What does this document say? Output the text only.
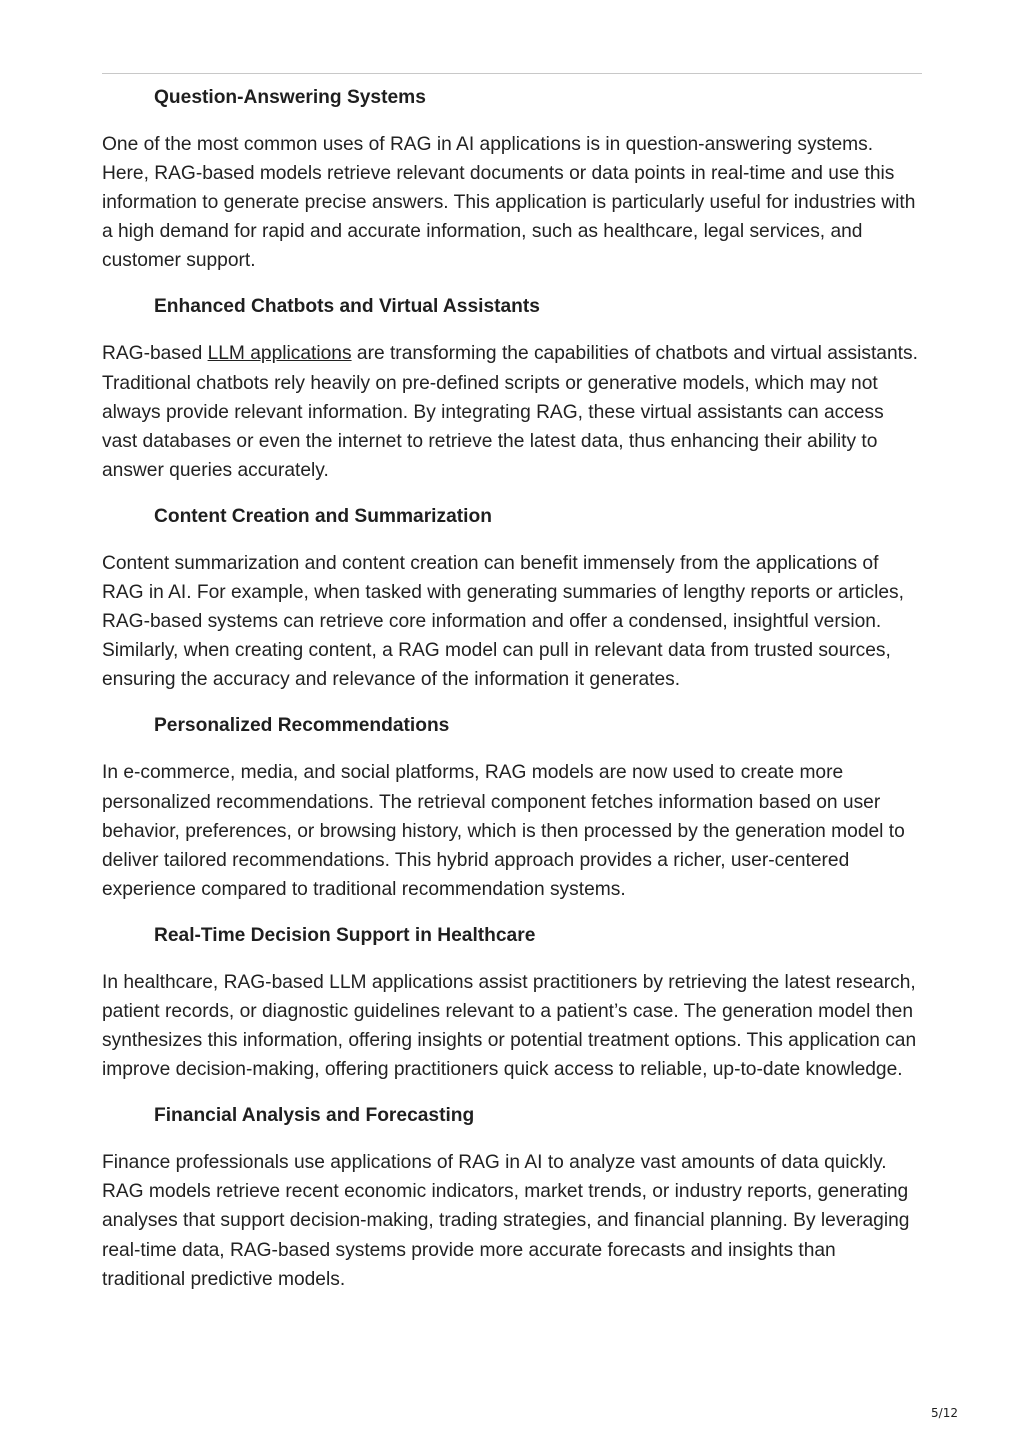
Question-Answering Systems

One of the most common uses of RAG in AI applications is in question-answering systems. Here, RAG-based models retrieve relevant documents or data points in real-time and use this information to generate precise answers. This application is particularly useful for industries with a high demand for rapid and accurate information, such as healthcare, legal services, and customer support.

Enhanced Chatbots and Virtual Assistants

RAG-based LLM applications are transforming the capabilities of chatbots and virtual assistants. Traditional chatbots rely heavily on pre-defined scripts or generative models, which may not always provide relevant information. By integrating RAG, these virtual assistants can access vast databases or even the internet to retrieve the latest data, thus enhancing their ability to answer queries accurately.

Content Creation and Summarization

Content summarization and content creation can benefit immensely from the applications of RAG in AI. For example, when tasked with generating summaries of lengthy reports or articles, RAG-based systems can retrieve core information and offer a condensed, insightful version. Similarly, when creating content, a RAG model can pull in relevant data from trusted sources, ensuring the accuracy and relevance of the information it generates.

Personalized Recommendations

In e-commerce, media, and social platforms, RAG models are now used to create more personalized recommendations. The retrieval component fetches information based on user behavior, preferences, or browsing history, which is then processed by the generation model to deliver tailored recommendations. This hybrid approach provides a richer, user-centered experience compared to traditional recommendation systems.

Real-Time Decision Support in Healthcare

In healthcare, RAG-based LLM applications assist practitioners by retrieving the latest research, patient records, or diagnostic guidelines relevant to a patient’s case. The generation model then synthesizes this information, offering insights or potential treatment options. This application can improve decision-making, offering practitioners quick access to reliable, up-to-date knowledge.

Financial Analysis and Forecasting

Finance professionals use applications of RAG in AI to analyze vast amounts of data quickly. RAG models retrieve recent economic indicators, market trends, or industry reports, generating analyses that support decision-making, trading strategies, and financial planning. By leveraging real-time data, RAG-based systems provide more accurate forecasts and insights than traditional predictive models.

5/12
